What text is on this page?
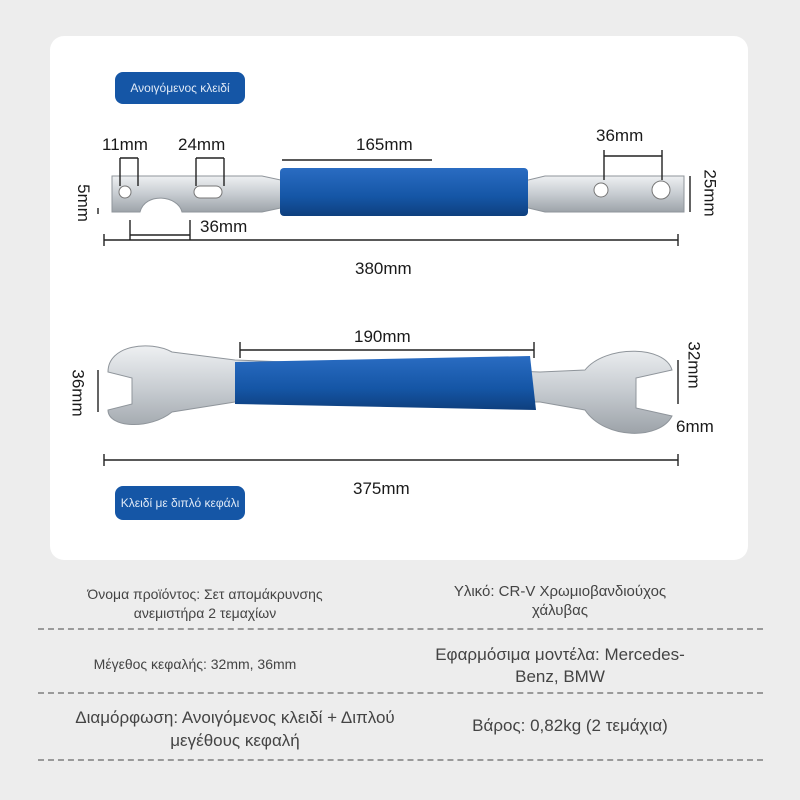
Ανοιγόμενος κλειδί
Κλειδί με διπλό κεφάλι
11mm 24mm	165mm	36mm
5mm	25mm
36mm
380mm
190mm
36mm
32mm
6mm
375mm
Όνομα προϊόντος: Σετ απομάκρυνσης ανεμιστήρα 2 τεμαχίων
Υλικό: CR-V Χρωμιοβανδιούχος χάλυβας
Μέγεθος κεφαλής: 32mm, 36mm	Εφαρμόσιμα μοντέλα: Mercedes-Benz, BMW
Διαμόρφωση: Ανοιγόμενος κλειδί + Διπλού μεγέθους κεφαλή
Βάρος: 0,82kg (2 τεμάχια)
